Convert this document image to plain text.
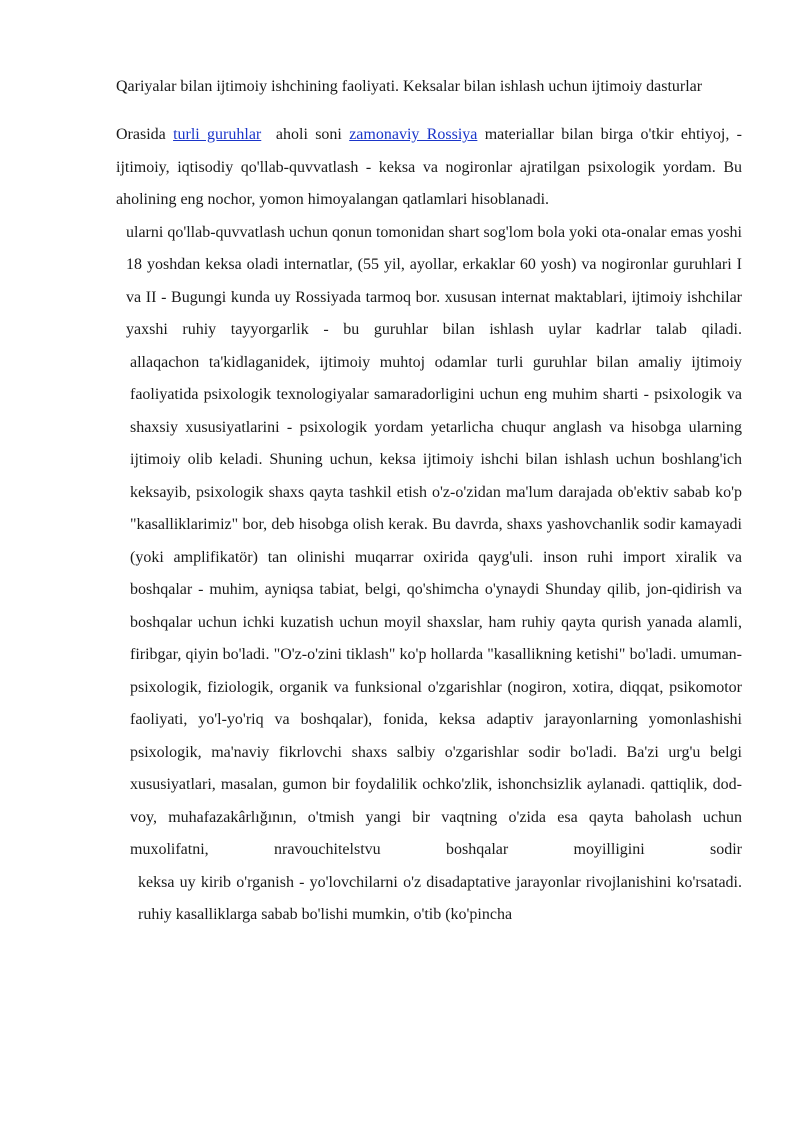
Qariyalar bilan ijtimoiy ishchining faoliyati. Keksalar bilan ishlash uchun ijtimoiy dasturlar

Orasida turli guruhlar  aholi soni zamonaviy Rossiya materiallar bilan birga o'tkir ehtiyoj, - ijtimoiy, iqtisodiy qo'llab-quvvatlash - keksa va nogironlar ajratilgan psixologik yordam. Bu aholining eng nochor, yomon himoyalangan qatlamlari hisoblanadi.

ularni qo'llab-quvvatlash uchun qonun tomonidan shart sog'lom bola yoki ota-onalar emas yoshi 18 yoshdan keksa oladi internatlar, (55 yil, ayollar, erkaklar 60 yosh) va nogironlar guruhlari I va II - Bugungi kunda uy Rossiyada tarmoq bor. xususan internat maktablari, ijtimoiy ishchilar yaxshi ruhiy tayyorgarlik - bu guruhlar bilan ishlash uylar kadrlar talab qiladi.

allaqachon ta'kidlaganidek, ijtimoiy muhtoj odamlar turli guruhlar bilan amaliy ijtimoiy faoliyatida psixologik texnologiyalar samaradorligini uchun eng muhim sharti - psixologik va shaxsiy xususiyatlarini - psixologik yordam yetarlicha chuqur anglash va hisobga ularning ijtimoiy olib keladi. Shuning uchun, keksa ijtimoiy ishchi bilan ishlash uchun boshlang'ich keksayib, psixologik shaxs qayta tashkil etish o'z-o'zidan ma'lum darajada ob'ektiv sabab ko'p "kasalliklarimiz" bor, deb hisobga olish kerak. Bu davrda, shaxs yashovchanlik sodir kamayadi (yoki amplifikatör) tan olinishi muqarrar oxirida qayg'uli. inson ruhi import xiralik va boshqalar - muhim, ayniqsa tabiat, belgi, qo'shimcha o'ynaydi Shunday qilib, jon-qidirish va boshqalar uchun ichki kuzatish uchun moyil shaxslar, ham ruhiy qayta qurish yanada alamli, firibgar, qiyin bo'ladi. "O'z-o'zini tiklash" ko'p hollarda "kasallikning ketishi" bo'ladi. umuman-psixologik, fiziologik, organik va funksional o'zgarishlar (nogiron, xotira, diqqat, psikomotor faoliyati, yo'l-yo'riq va boshqalar), fonida, keksa adaptiv jarayonlarning yomonlashishi psixologik, ma'naviy fikrlovchi shaxs salbiy o'zgarishlar sodir bo'ladi. Ba'zi urg'u belgi xususiyatlari, masalan, gumon bir foydalilik ochko'zlik, ishonchsizlik aylanadi. qattiqlik, dod-voy, muhafazakârlığının, o'tmish yangi bir vaqtning o'zida esa qayta baholash uchun muxolifatni, nravouchitelstvu boshqalar moyilligini sodir

keksa uy kirib o'rganish - yo'lovchilarni o'z disadaptative jarayonlar rivojlanishini ko'rsatadi. ruhiy kasalliklarga sabab bo'lishi mumkin, o'tib (ko'pincha
